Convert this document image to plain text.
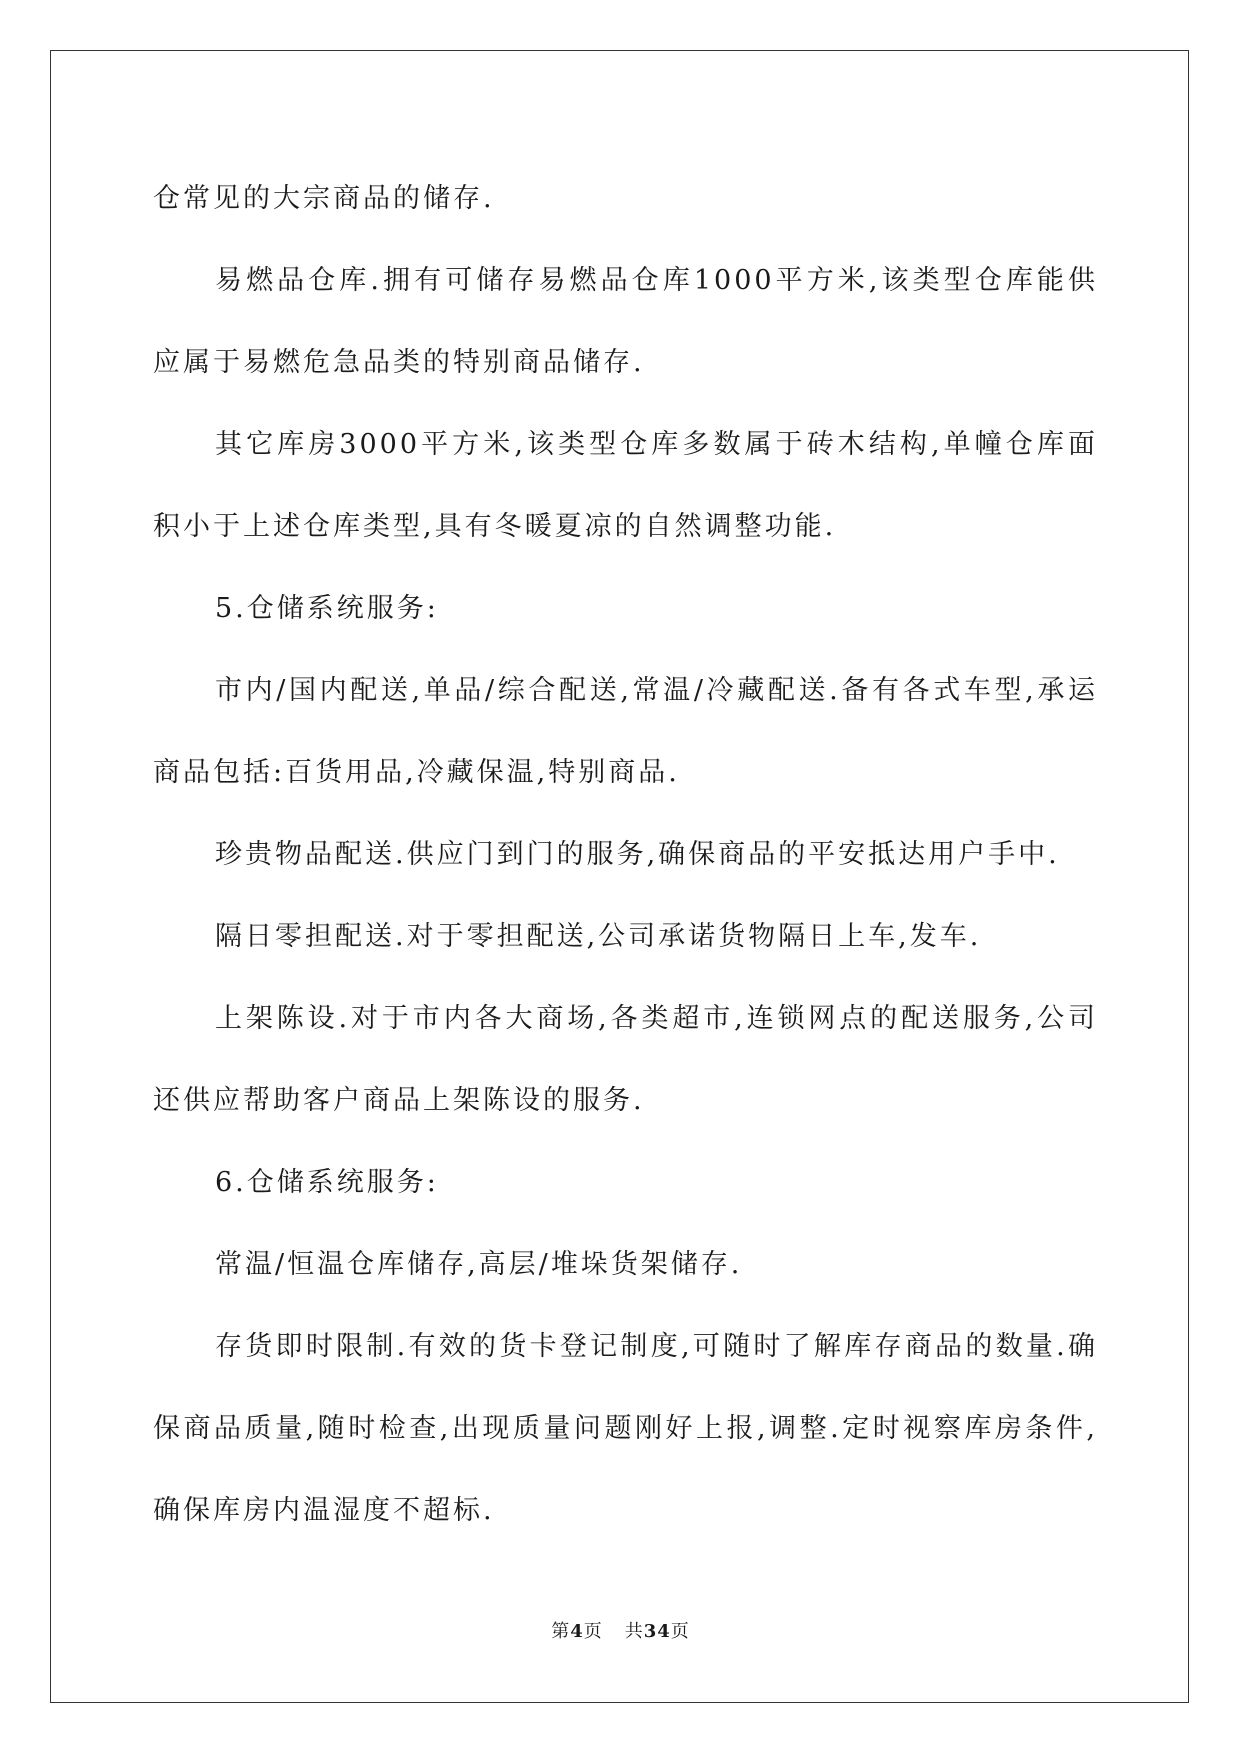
仓常见的大宗商品的储存.

易燃品仓库.拥有可储存易燃品仓库1000平方米,该类型仓库能供应属于易燃危急品类的特别商品储存.

其它库房3000平方米,该类型仓库多数属于砖木结构,单幢仓库面积小于上述仓库类型,具有冬暖夏凉的自然调整功能.

5.仓储系统服务:

市内/国内配送,单品/综合配送,常温/冷藏配送.备有各式车型,承运商品包括:百货用品,冷藏保温,特别商品.

珍贵物品配送.供应门到门的服务,确保商品的平安抵达用户手中.

隔日零担配送.对于零担配送,公司承诺货物隔日上车,发车.

上架陈设.对于市内各大商场,各类超市,连锁网点的配送服务,公司还供应帮助客户商品上架陈设的服务.

6.仓储系统服务:

常温/恒温仓库储存,高层/堆垛货架储存.

存货即时限制.有效的货卡登记制度,可随时了解库存商品的数量.确保商品质量,随时检查,出现质量问题刚好上报,调整.定时视察库房条件,确保库房内温湿度不超标.

第4页 共34页
